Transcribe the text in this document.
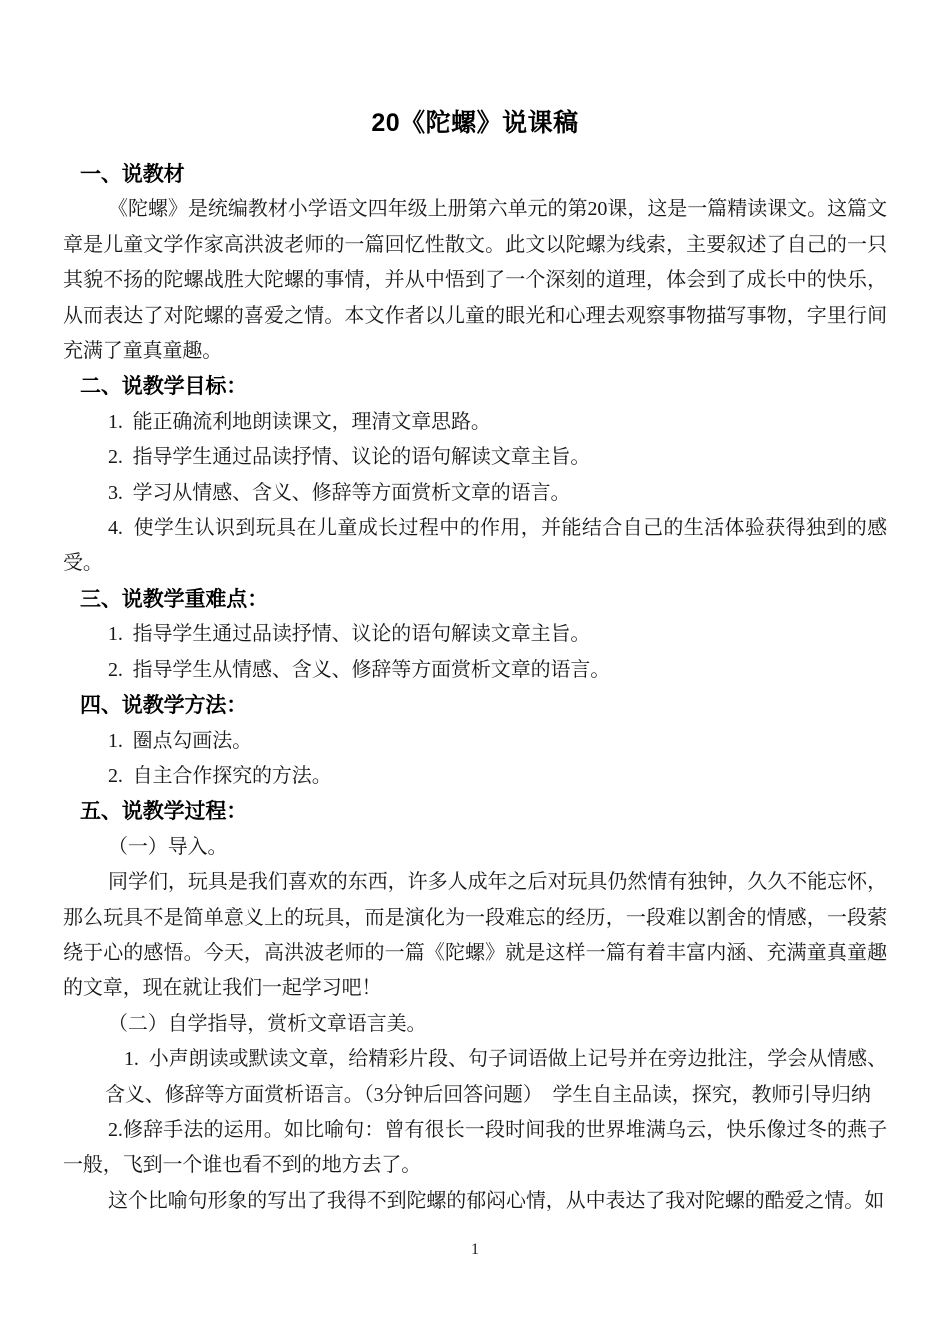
20《陀螺》说课稿
一、说教材
《陀螺》是统编教材小学语文四年级上册第六单元的第20课，这是一篇精读课文。这篇文章是儿童文学作家高洪波老师的一篇回忆性散文。此文以陀螺为线索，主要叙述了自己的一只其貌不扬的陀螺战胜大陀螺的事情，并从中悟到了一个深刻的道理，体会到了成长中的快乐，从而表达了对陀螺的喜爱之情。本文作者以儿童的眼光和心理去观察事物描写事物，字里行间充满了童真童趣。
二、说教学目标：
1.  能正确流利地朗读课文，理清文章思路。
2.  指导学生通过品读抒情、议论的语句解读文章主旨。
3.  学习从情感、含义、修辞等方面赏析文章的语言。
4.  使学生认识到玩具在儿童成长过程中的作用，并能结合自己的生活体验获得独到的感受。
三、说教学重难点：
1.  指导学生通过品读抒情、议论的语句解读文章主旨。
2.  指导学生从情感、含义、修辞等方面赏析文章的语言。
四、说教学方法：
1.  圈点勾画法。
2.  自主合作探究的方法。
五、说教学过程：
（一）导入。
同学们，玩具是我们喜欢的东西，许多人成年之后对玩具仍然情有独钟，久久不能忘怀，那么玩具不是简单意义上的玩具，而是演化为一段难忘的经历，一段难以割舍的情感，一段萦绕于心的感悟。今天，高洪波老师的一篇《陀螺》就是这样一篇有着丰富内涵、充满童真童趣的文章，现在就让我们一起学习吧！
（二）自学指导，赏析文章语言美。
1.  小声朗读或默读文章，给精彩片段、句子词语做上记号并在旁边批注，学会从情感、含义、修辞等方面赏析语言。（3分钟后回答问题）  学生自主品读，探究，教师引导归纳
2.修辞手法的运用。如比喻句：曾有很长一段时间我的世界堆满乌云，快乐像过冬的燕子一般，飞到一个谁也看不到的地方去了。
这个比喻句形象的写出了我得不到陀螺的郁闷心情，从中表达了我对陀螺的酷爱之情。如
1
